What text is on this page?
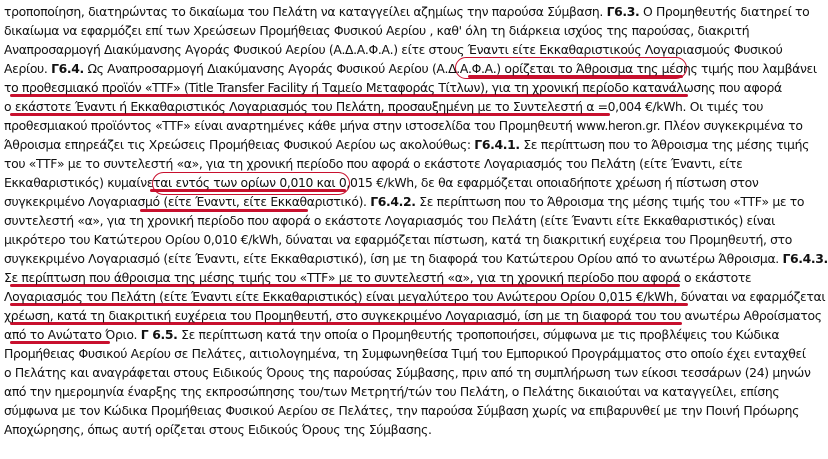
τροποποίηση, διατηρώντας το δικαίωμα του Πελάτη να καταγγείλει αζημίως την παρούσα Σύμβαση. Γ6.3. Ο Προμηθευτής διατηρεί το
δικαίωμα να εφαρμόζει επί των Χρεώσεων Προμήθειας Φυσικού Αερίου , καθ' όλη τη διάρκεια ισχύος της παρούσας, διακριτή
Αναπροσαρμογή Διακύμανσης Αγοράς Φυσικού Αερίου (Α.Δ.Α.Φ.Α.) είτε στους Έναντι είτε Εκκαθαριστικούς Λογαριασμούς Φυσικού
Αερίου. Γ6.4. Ως Αναπροσαρμογή Διακύμανσης Αγοράς Φυσικού Αερίου (Α.Δ.Α.Φ.Α.) ορίζεται το Άθροισμα της μέσης τιμής που λαμβάνει
το προθεσμιακό προϊόν «TTF» (Title Transfer Facility ή Ταμείο Μεταφοράς Τίτλων), για τη χρονική περίοδο κατανάλωσης που αφορά
ο εκάστοτε Έναντι ή Εκκαθαριστικός Λογαριασμός του Πελάτη, προσαυξημένη με το Συντελεστή α =0,004 €/kWh. Οι τιμές του
προθεσμιακού προϊόντος «TTF» είναι αναρτημένες κάθε μήνα στην ιστοσελίδα του Προμηθευτή www.heron.gr. Πλέον συγκεκριμένα το
Άθροισμα επηρεάζει τις Χρεώσεις Προμήθειας Φυσικού Αερίου ως ακολούθως: Γ6.4.1. Σε περίπτωση που το Άθροισμα της μέσης τιμής
του «TTF» με το συντελεστή «α», για τη χρονική περίοδο που αφορά ο εκάστοτε Λογαριασμός του Πελάτη (είτε Έναντι, είτε
Εκκαθαριστικός) κυμαίνεται εντός των ορίων 0,010 και 0,015 €/kWh, δε θα εφαρμόζεται οποιαδήποτε χρέωση ή πίστωση στον
συγκεκριμένο Λογαριασμό (είτε Έναντι, είτε Εκκαθαριστικό). Γ6.4.2. Σε περίπτωση που το Άθροισμα της μέσης τιμής του «TTF» με το
συντελεστή «α», για τη χρονική περίοδο που αφορά ο εκάστοτε Λογαριασμός του Πελάτη (είτε Έναντι είτε Εκκαθαριστικός) είναι
μικρότερο του Κατώτερου Ορίου 0,010 €/kWh, δύναται να εφαρμόζεται πίστωση, κατά τη διακριτική ευχέρεια του Προμηθευτή, στο
συγκεκριμένο Λογαριασμό (είτε Έναντι, είτε Εκκαθαριστικό), ίση με τη διαφορά του Κατώτερου Ορίου από το ανωτέρω Άθροισμα. Γ6.4.3.
Σε περίπτωση που άθροισμα της μέσης τιμής του «TTF» με το συντελεστή «α», για τη χρονική περίοδο που αφορά ο εκάστοτε
Λογαριασμός του Πελάτη (είτε Έναντι είτε Εκκαθαριστικός) είναι μεγαλύτερο του Ανώτερου Ορίου 0,015 €/kWh, δύναται να εφαρμόζεται
χρέωση, κατά τη διακριτική ευχέρεια του Προμηθευτή, στο συγκεκριμένο Λογαριασμό, ίση με τη διαφορά του του ανωτέρω Αθροίσματος
από το Ανώτατο Όριο. Γ 6.5. Σε περίπτωση κατά την οποία ο Προμηθευτής τροποποιήσει, σύμφωνα με τις προβλέψεις του Κώδικα
Προμήθειας Φυσικού Αερίου σε Πελάτες, αιτιολογημένα, τη Συμφωνηθείσα Τιμή του Εμπορικού Προγράμματος στο οποίο έχει ενταχθεί
ο Πελάτης και αναγράφεται στους Ειδικούς Όρους της παρούσας Σύμβασης, πριν από τη συμπλήρωση των είκοσι τεσσάρων (24) μηνών
από την ημερομηνία έναρξης της εκπροσώπησης του/των Μετρητή/τών του Πελάτη, ο Πελάτης δικαιούται να καταγγείλει, επίσης
σύμφωνα με τον Κώδικα Προμήθειας Φυσικού Αερίου σε Πελάτες, την παρούσα Σύμβαση χωρίς να επιβαρυνθεί με την Ποινή Πρόωρης
Αποχώρησης, όπως αυτή ορίζεται στους Ειδικούς Όρους της Σύμβασης.
